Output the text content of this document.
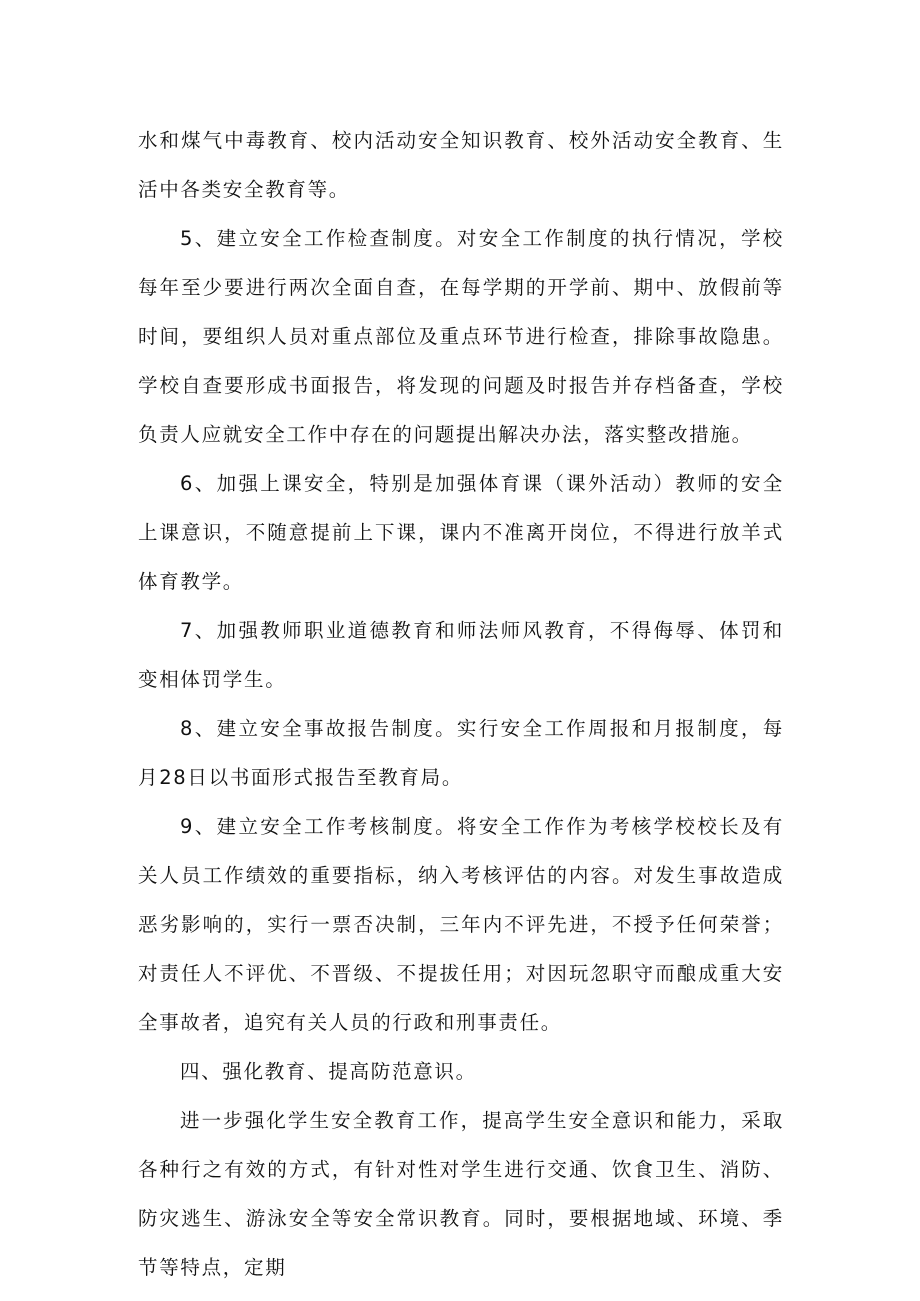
水和煤气中毒教育、校内活动安全知识教育、校外活动安全教育、生活中各类安全教育等。

5、建立安全工作检查制度。对安全工作制度的执行情况，学校每年至少要进行两次全面自查，在每学期的开学前、期中、放假前等时间，要组织人员对重点部位及重点环节进行检查，排除事故隐患。学校自查要形成书面报告，将发现的问题及时报告并存档备查，学校负责人应就安全工作中存在的问题提出解决办法，落实整改措施。

6、加强上课安全，特别是加强体育课（课外活动）教师的安全上课意识，不随意提前上下课，课内不准离开岗位，不得进行放羊式体育教学。

7、加强教师职业道德教育和师法师风教育，不得侮辱、体罚和变相体罚学生。

8、建立安全事故报告制度。实行安全工作周报和月报制度，每月28日以书面形式报告至教育局。

9、建立安全工作考核制度。将安全工作作为考核学校校长及有关人员工作绩效的重要指标，纳入考核评估的内容。对发生事故造成恶劣影响的，实行一票否决制，三年内不评先进，不授予任何荣誉；对责任人不评优、不晋级、不提拔任用；对因玩忽职守而酿成重大安全事故者，追究有关人员的行政和刑事责任。

四、强化教育、提高防范意识。

进一步强化学生安全教育工作，提高学生安全意识和能力，采取各种行之有效的方式，有针对性对学生进行交通、饮食卫生、消防、防灾逃生、游泳安全等安全常识教育。同时，要根据地域、环境、季节等特点，定期
